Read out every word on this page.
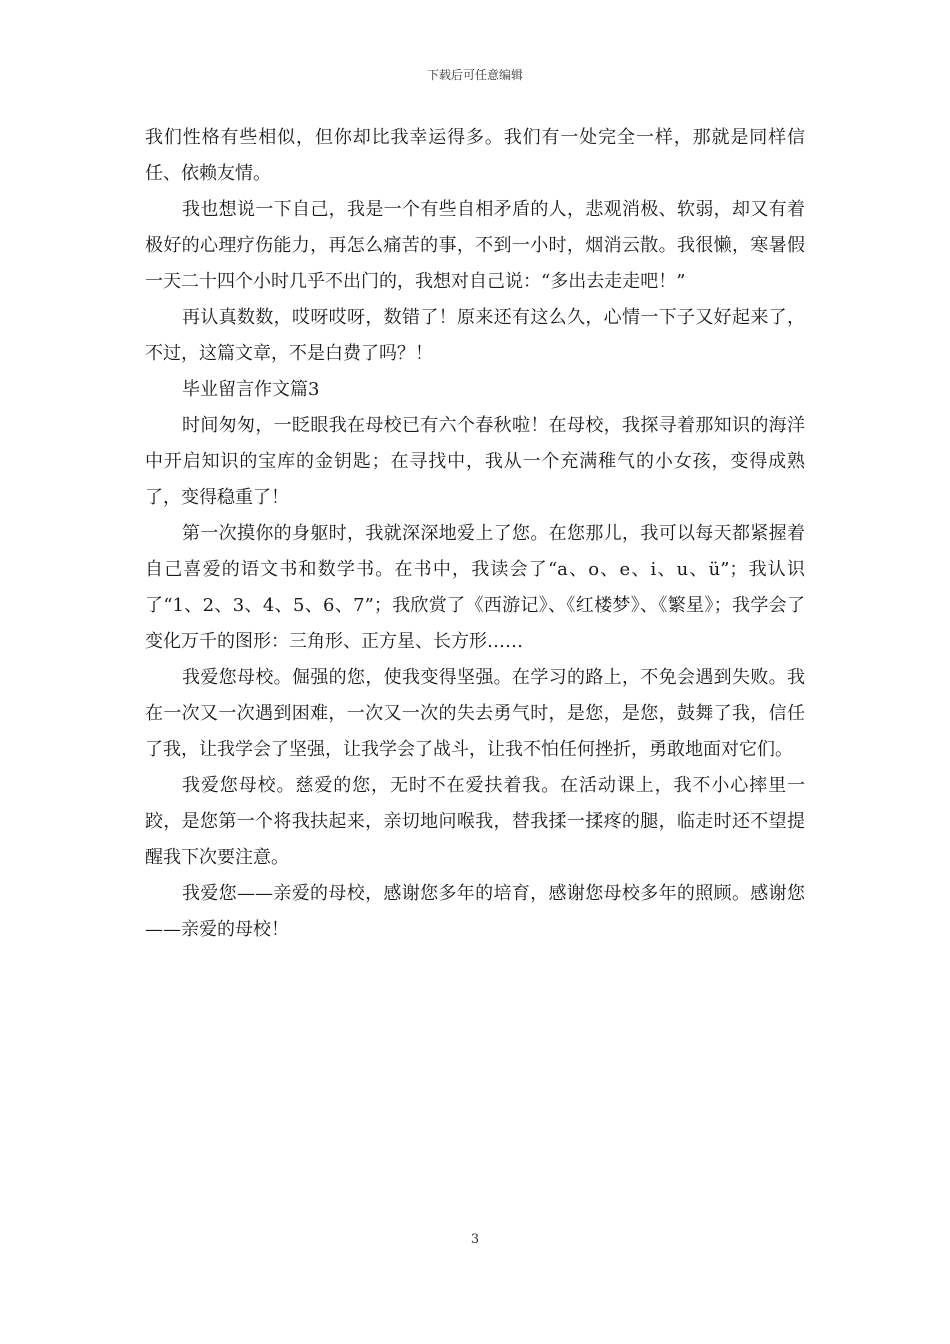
下载后可任意编辑

我们性格有些相似，但你却比我幸运得多。我们有一处完全一样，那就是同样信任、依赖友情。

我也想说一下自己，我是一个有些自相矛盾的人，悲观消极、软弱，却又有着极好的心理疗伤能力，再怎么痛苦的事，不到一小时，烟消云散。我很懒，寒暑假一天二十四个小时几乎不出门的，我想对自己说：“多出去走走吧！”

再认真数数，哎呀哎呀，数错了！原来还有这么久，心情一下子又好起来了，不过，这篇文章，不是白费了吗？！

毕业留言作文篇3

时间匆匆，一眨眼我在母校已有六个春秋啦！在母校，我探寻着那知识的海洋中开启知识的宝库的金钥匙；在寻找中，我从一个充满稚气的小女孩，变得成熟了，变得稳重了！

第一次摸你的身躯时，我就深深地爱上了您。在您那儿，我可以每天都紧握着自己喜爱的语文书和数学书。在书中，我读会了“a、o、e、i、u、ü”；我认识了“1、2、3、4、5、6、7”；我欣赏了《西游记》、《红楼梦》、《繁星》；我学会了变化万千的图形：三角形、正方星、长方形……

我爱您母校。倔强的您，使我变得坚强。在学习的路上，不免会遇到失败。我在一次又一次遇到困难，一次又一次的失去勇气时，是您，是您，鼓舞了我，信任了我，让我学会了坚强，让我学会了战斗，让我不怕任何挫折，勇敢地面对它们。

我爱您母校。慈爱的您，无时不在爱扶着我。在活动课上，我不小心摔里一跤，是您第一个将我扶起来，亲切地问喉我，替我揉一揉疼的腿，临走时还不望提醒我下次要注意。

我爱您——亲爱的母校，感谢您多年的培育，感谢您母校多年的照顾。感谢您——亲爱的母校！

3
